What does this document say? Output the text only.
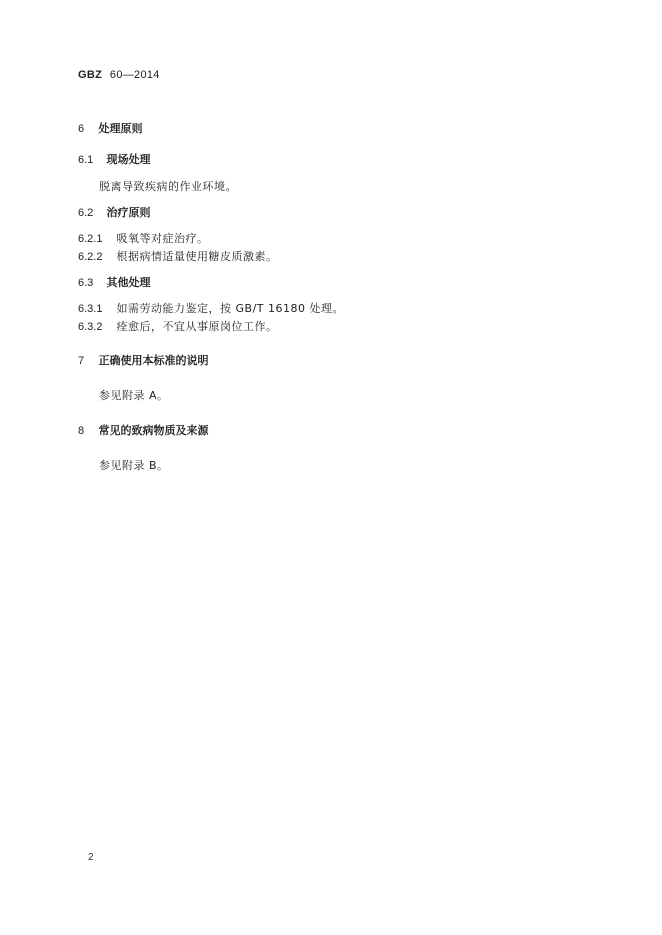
GBZ 60—2014
6 处理原则
6.1 现场处理
脱离导致疾病的作业环境。
6.2 治疗原则
6.2.1 吸氧等对症治疗。
6.2.2 根据病情适量使用糖皮质激素。
6.3 其他处理
6.3.1 如需劳动能力鉴定，按 GB/T 16180 处理。
6.3.2 痊愈后，不宜从事原岗位工作。
7 正确使用本标准的说明
参见附录 A。
8 常见的致病物质及来源
参见附录 B。
2
